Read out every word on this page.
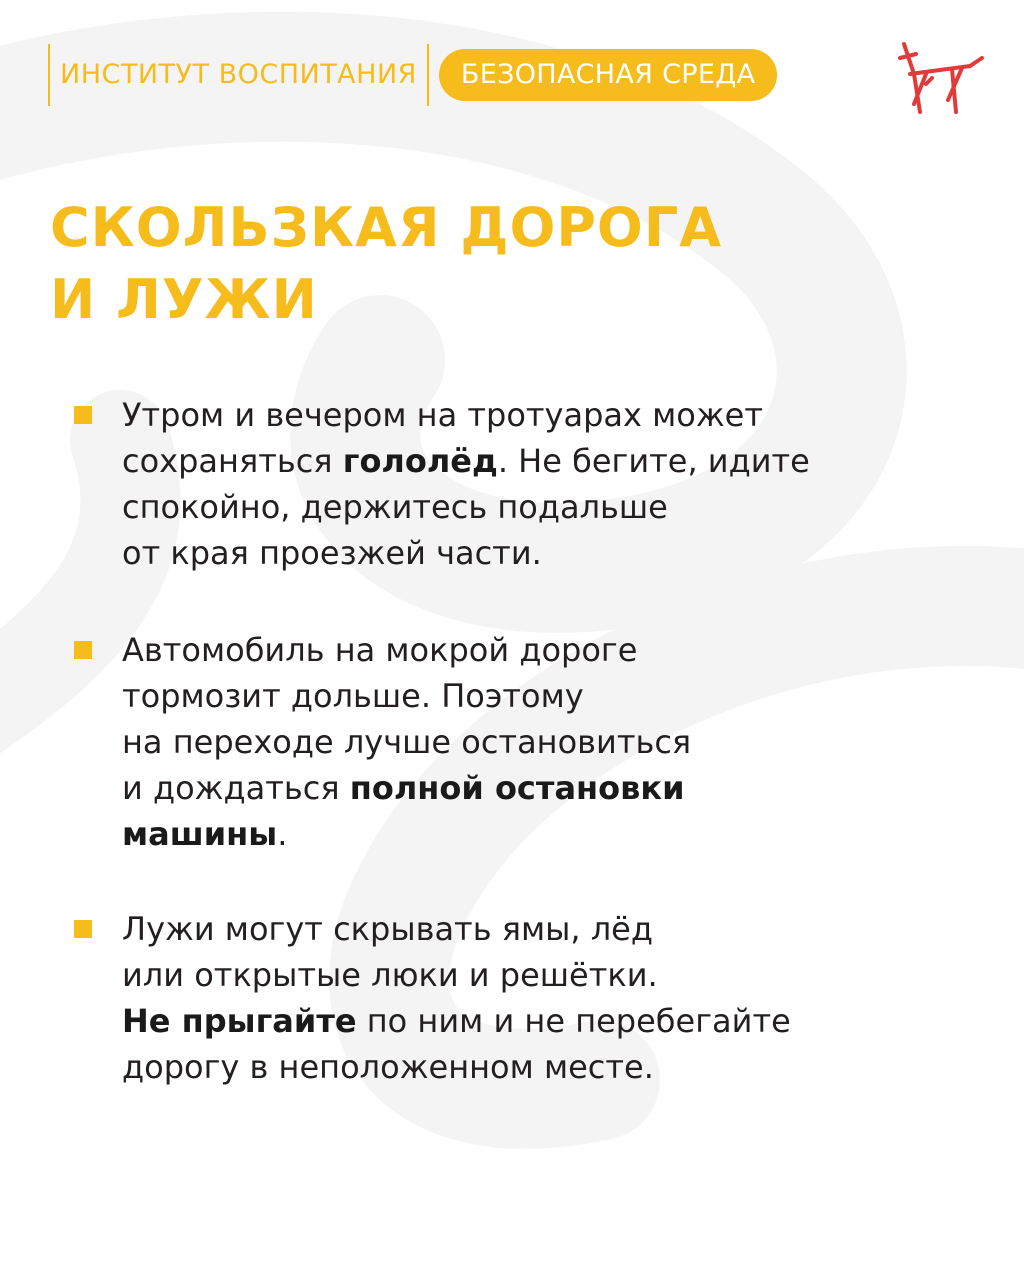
ИНСТИТУТ ВОСПИТАНИЯ	БЕЗОПАСНАЯ СРЕДА
СКОЛЬЗКАЯ ДОРОГА
И ЛУЖИ

Утром и вечером на тротуарах может
сохраняться гололёд. Не бегите, идите
спокойно, держитесь подальше
от края проезжей части.

Автомобиль на мокрой дороге
тормозит дольше. Поэтому
на переходе лучше остановиться
и дождаться полной остановки
машины.

Лужи могут скрывать ямы, лёд
или открытые люки и решётки.
Не прыгайте по ним и не перебегайте
дорогу в неположенном месте.
